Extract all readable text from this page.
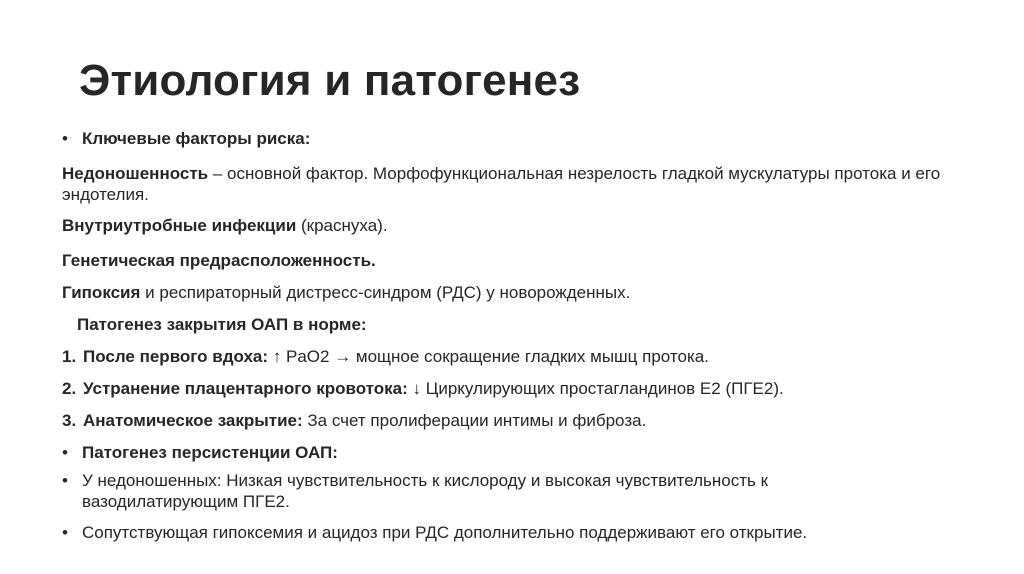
Этиология и патогенез
• Ключевые факторы риска:
Недоношенность – основной фактор. Морфофункциональная незрелость гладкой мускулатуры протока и его эндотелия.
Внутриутробные инфекции (краснуха).
Генетическая предрасположенность.
Гипоксия и респираторный дистресс-синдром (РДС) у новорожденных.
Патогенез закрытия ОАП в норме:
1. После первого вдоха: ↑ PaO2 → мощное сокращение гладких мышц протока.
2. Устранение плацентарного кровотока: ↓ Циркулирующих простагландинов E2 (ПГЕ2).
3. Анатомическое закрытие: За счет пролиферации интимы и фиброза.
• Патогенез персистенции ОАП:
• У недоношенных: Низкая чувствительность к кислороду и высокая чувствительность к вазодилатирующим ПГЕ2.
• Сопутствующая гипоксемия и ацидоз при РДС дополнительно поддерживают его открытие.
